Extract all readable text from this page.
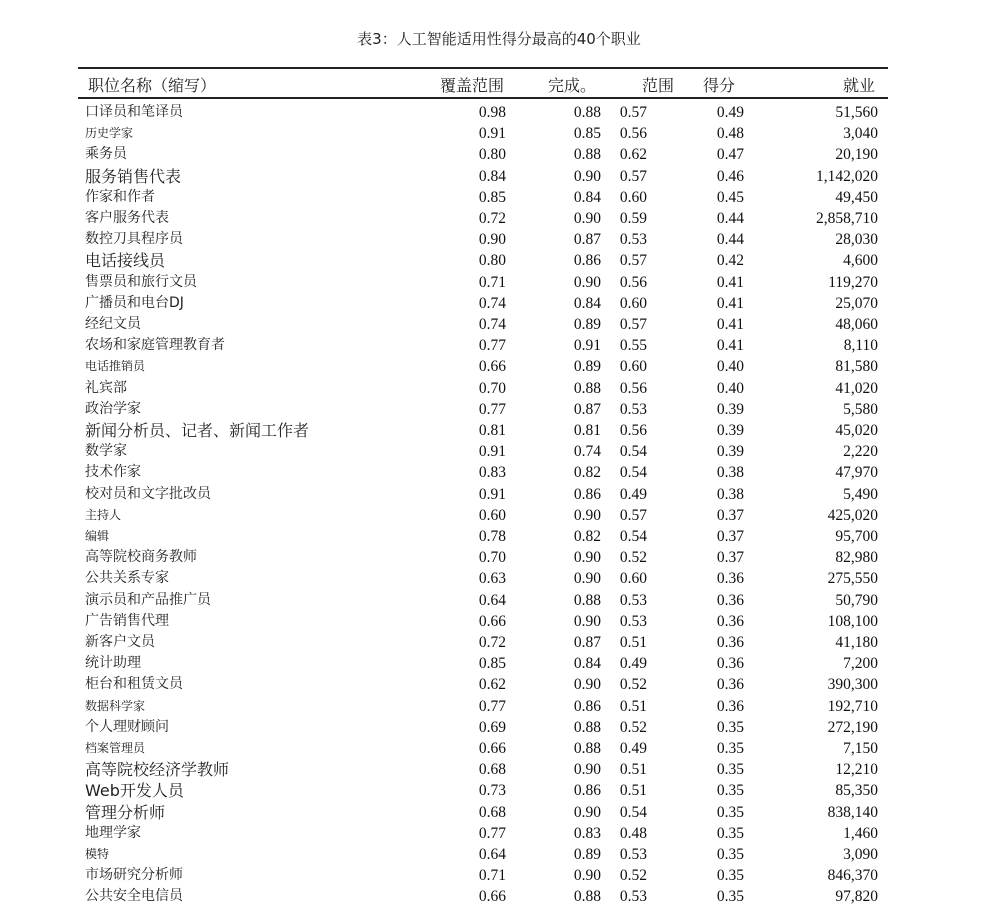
表3：人工智能适用性得分最高的40个职业
职位名称（缩写）	覆盖范围	完成。	范围 得分	就业
口译员和笔译员	0.98	0.88 0.57	0.49	51,560
历史学家	0.91	0.85 0.56	0.48	3,040
乘务员	0.80	0.88 0.62	0.47	20,190
服务销售代表	0.84	0.90 0.57	0.46	1,142,020
作家和作者	0.85	0.84 0.60	0.45	49,450
客户服务代表	0.72	0.90 0.59	0.44	2,858,710
数控刀具程序员	0.90	0.87 0.53	0.44	28,030
电话接线员	0.80	0.86 0.57	0.42	4,600
售票员和旅行文员	0.71	0.90 0.56	0.41	119,270
广播员和电台DJ	0.74	0.84 0.60	0.41	25,070
经纪文员	0.74	0.89 0.57	0.41	48,060
农场和家庭管理教育者	0.77	0.91 0.55	0.41	8,110
电话推销员	0.66	0.89 0.60	0.40	81,580
礼宾部	0.70	0.88 0.56	0.40	41,020
政治学家	0.77	0.87 0.53	0.39	5,580
新闻分析员、记者、新闻工作者	0.81	0.81 0.56	0.39	45,020
数学家	0.91	0.74 0.54	0.39	2,220
技术作家	0.83	0.82 0.54	0.38	47,970
校对员和文字批改员	0.91	0.86 0.49	0.38	5,490
主持人	0.60	0.90 0.57	0.37	425,020
编辑	0.78	0.82 0.54	0.37	95,700
高等院校商务教师	0.70	0.90 0.52	0.37	82,980
公共关系专家	0.63	0.90 0.60	0.36	275,550
演示员和产品推广员	0.64	0.88 0.53	0.36	50,790
广告销售代理	0.66	0.90 0.53	0.36	108,100
新客户文员	0.72	0.87 0.51	0.36	41,180
统计助理	0.85	0.84 0.49	0.36	7,200
柜台和租赁文员	0.62	0.90 0.52	0.36	390,300
数据科学家	0.77	0.86 0.51	0.36	192,710
个人理财顾问	0.69	0.88 0.52	0.35	272,190
档案管理员	0.66	0.88 0.49	0.35	7,150
高等院校经济学教师	0.68	0.90 0.51	0.35	12,210
Web开发人员	0.73	0.86 0.51	0.35	85,350
管理分析师	0.68	0.90 0.54	0.35	838,140
地理学家	0.77	0.83 0.48	0.35	1,460
模特	0.64	0.89 0.53	0.35	3,090
市场研究分析师	0.71	0.90 0.52	0.35	846,370
公共安全电信员	0.66	0.88 0.53	0.35	97,820
